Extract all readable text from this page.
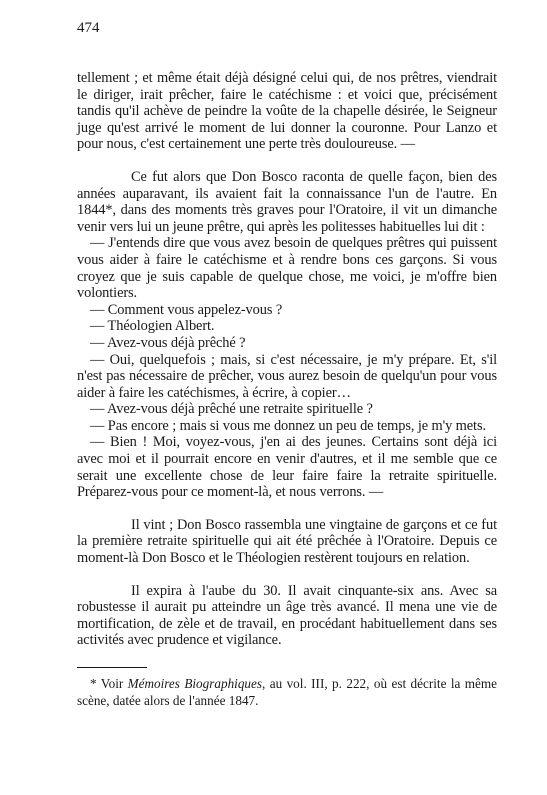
474

tellement ; et même était déjà désigné celui qui, de nos prêtres, viendrait le diriger, irait prêcher, faire le catéchisme : et voici que, précisément tandis qu'il achève de peindre la voûte de la chapelle désirée, le Seigneur juge qu'est arrivé le moment de lui donner la couronne. Pour Lanzo et pour nous, c'est certainement une perte très douloureuse. —

Ce fut alors que Don Bosco raconta de quelle façon, bien des années auparavant, ils avaient fait la connaissance l'un de l'autre. En 1844*, dans des moments très graves pour l'Oratoire, il vit un dimanche venir vers lui un jeune prêtre, qui après les politesses habituelles lui dit :

— J'entends dire que vous avez besoin de quelques prêtres qui puissent vous aider à faire le catéchisme et à rendre bons ces garçons. Si vous croyez que je suis capable de quelque chose, me voici, je m'offre bien volontiers.

— Comment vous appelez-vous ?

— Théologien Albert.

— Avez-vous déjà prêché ?

— Oui, quelquefois ; mais, si c'est nécessaire, je m'y prépare. Et, s'il n'est pas nécessaire de prêcher, vous aurez besoin de quelqu'un pour vous aider à faire les catéchismes, à écrire, à copier…

— Avez-vous déjà prêché une retraite spirituelle ?

— Pas encore ; mais si vous me donnez un peu de temps, je m'y mets.

— Bien ! Moi, voyez-vous, j'en ai des jeunes. Certains sont déjà ici avec moi et il pourrait encore en venir d'autres, et il me semble que ce serait une excellente chose de leur faire faire la retraite spirituelle. Préparez-vous pour ce moment-là, et nous verrons. —

Il vint ; Don Bosco rassembla une vingtaine de garçons et ce fut la première retraite spirituelle qui ait été prêchée à l'Oratoire. Depuis ce moment-là Don Bosco et le Théologien restèrent toujours en relation.

Il expira à l'aube du 30. Il avait cinquante-six ans. Avec sa robustesse il aurait pu atteindre un âge très avancé. Il mena une vie de mortification, de zèle et de travail, en procédant habituellement dans ses activités avec prudence et vigilance.

* Voir Mémoires Biographiques, au vol. III, p. 222, où est décrite la même scène, datée alors de l'année 1847.
